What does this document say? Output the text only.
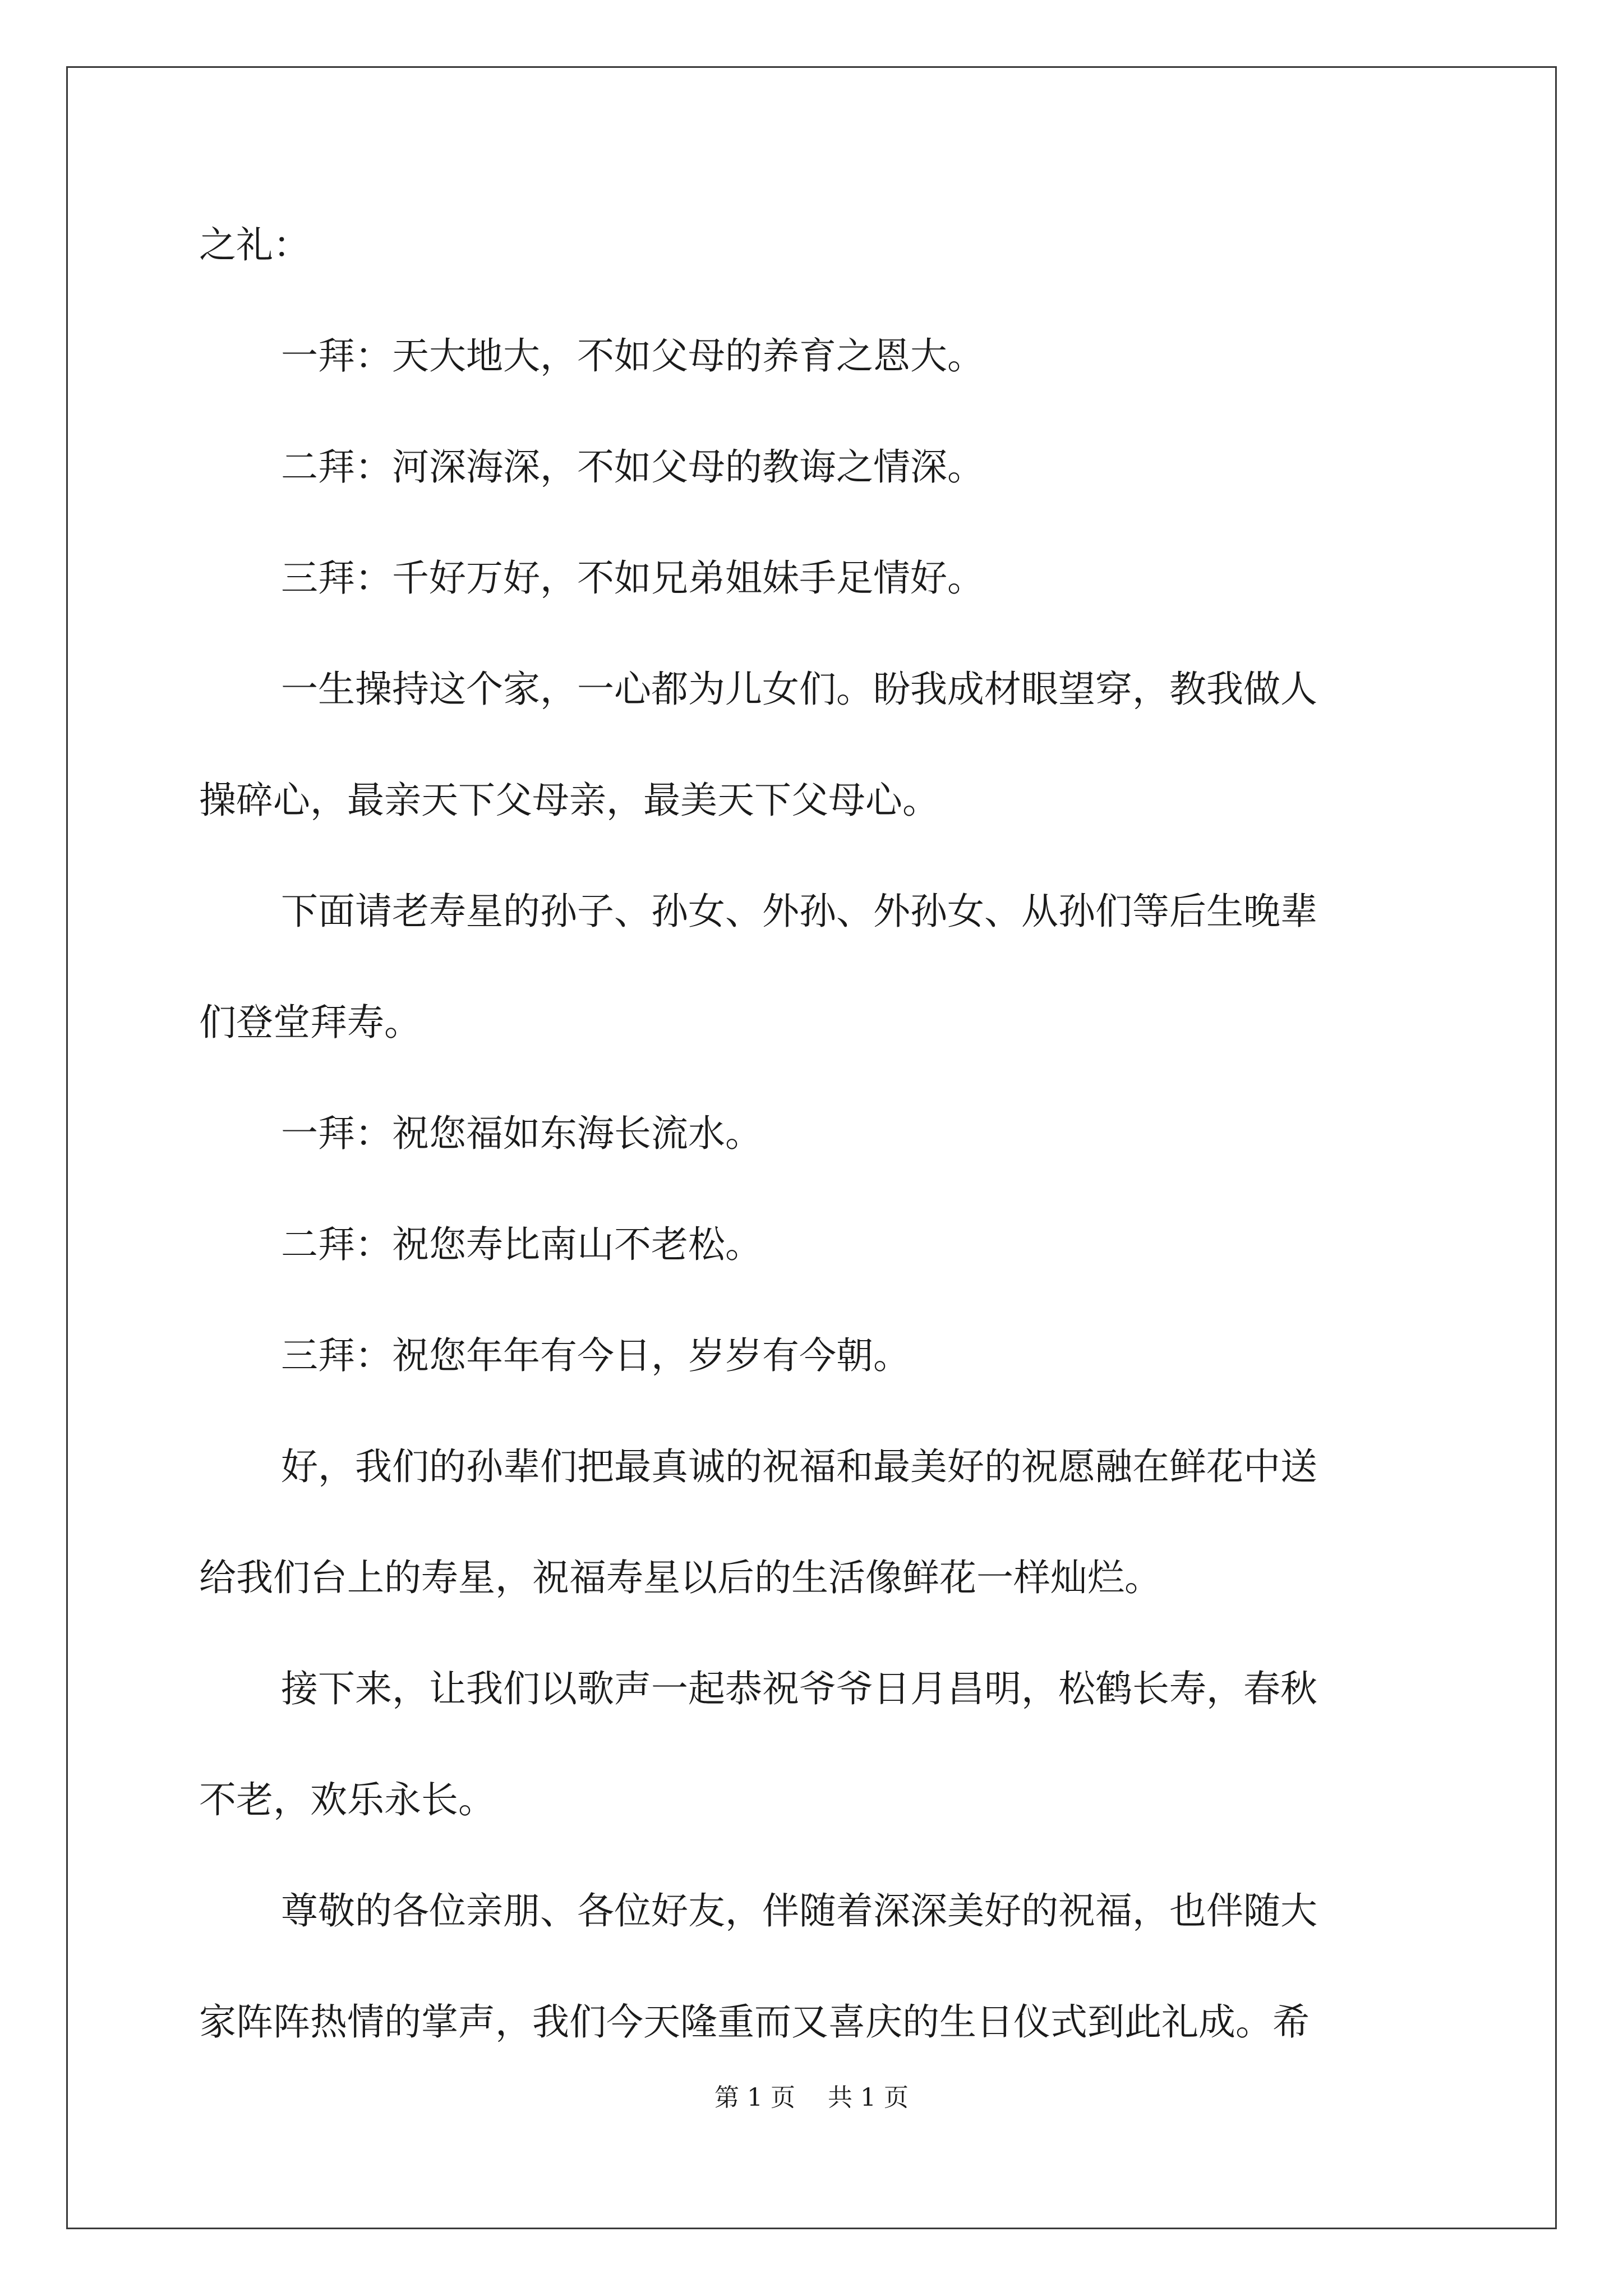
之礼：

一拜：天大地大，不如父母的养育之恩大。

二拜：河深海深，不如父母的教诲之情深。

三拜：千好万好，不如兄弟姐妹手足情好。

一生操持这个家，一心都为儿女们。盼我成材眼望穿，教我做人

操碎心，最亲天下父母亲，最美天下父母心。

下面请老寿星的孙子、孙女、外孙、外孙女、从孙们等后生晚辈

们登堂拜寿。

一拜：祝您福如东海长流水。

二拜：祝您寿比南山不老松。

三拜：祝您年年有今日，岁岁有今朝。

好，我们的孙辈们把最真诚的祝福和最美好的祝愿融在鲜花中送

给我们台上的寿星，祝福寿星以后的生活像鲜花一样灿烂。

接下来，让我们以歌声一起恭祝爷爷日月昌明，松鹤长寿，春秋

不老，欢乐永长。

尊敬的各位亲朋、各位好友，伴随着深深美好的祝福，也伴随大

家阵阵热情的掌声，我们今天隆重而又喜庆的生日仪式到此礼成。希

第 1 页 共 1 页
